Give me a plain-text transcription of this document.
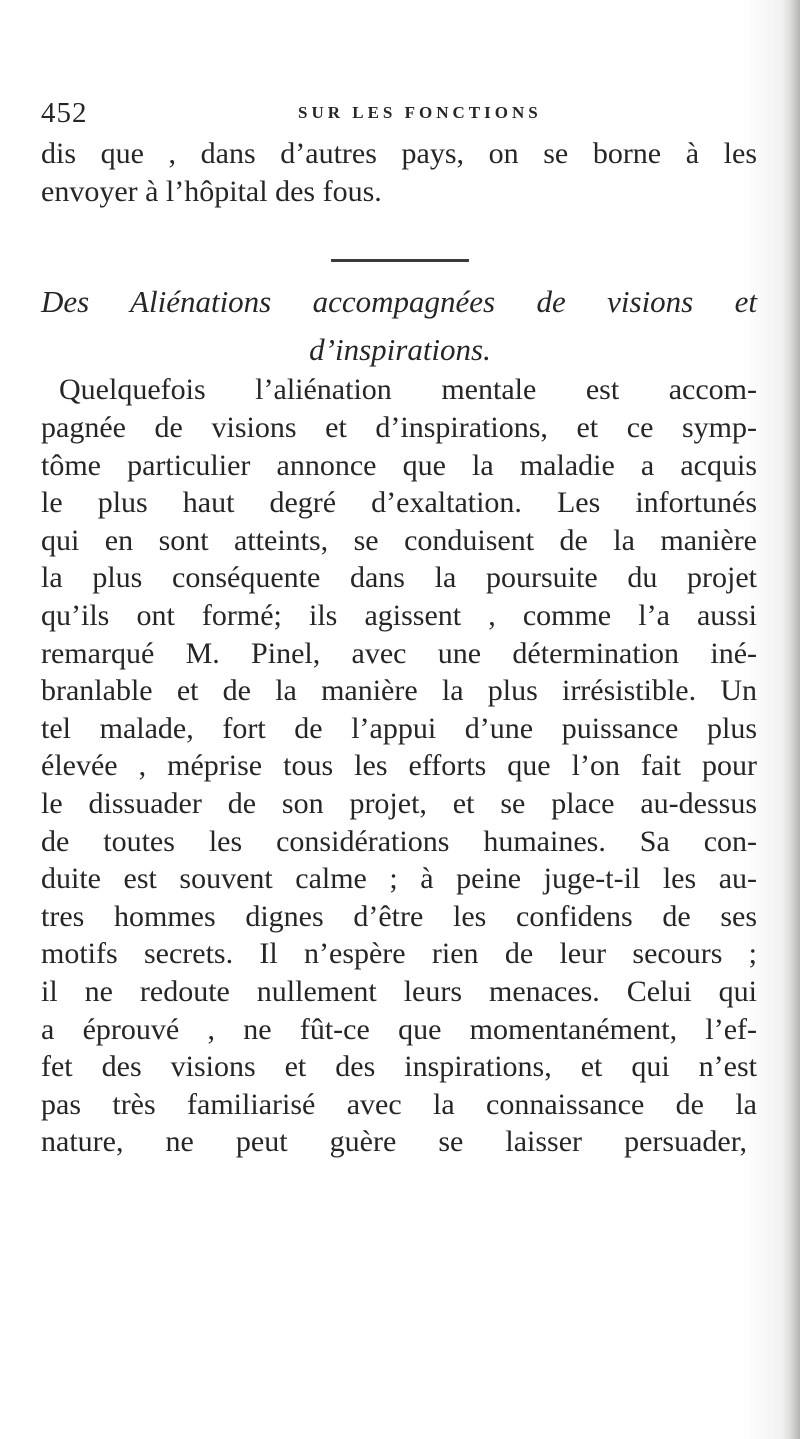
452	SUR LES FONCTIONS
dis que , dans d’autres pays, on se borne à les
envoyer à l’hôpital des fous.
Des Aliénations accompagnées de visions et
d’inspirations.
Quelquefois l’aliénation mentale est accom-
pagnée de visions et d’inspirations, et ce symp-
tôme particulier annonce que la maladie a acquis
le plus haut degré d’exaltation. Les infortunés
qui en sont atteints, se conduisent de la manière
la plus conséquente dans la poursuite du projet
qu’ils ont formé; ils agissent , comme l’a aussi
remarqué M. Pinel, avec une détermination iné-
branlable et de la manière la plus irrésistible. Un
tel malade, fort de l’appui d’une puissance plus
élevée , méprise tous les efforts que l’on fait pour
le dissuader de son projet, et se place au-dessus
de toutes les considérations humaines. Sa con-
duite est souvent calme ; à peine juge-t-il les au-
tres hommes dignes d’être les confidens de ses
motifs secrets. Il n’espère rien de leur secours ;
il ne redoute nullement leurs menaces. Celui qui
a éprouvé , ne fût-ce que momentanément, l’ef-
fet des visions et des inspirations, et qui n’est
pas très familiarisé avec la connaissance de la
nature, ne peut guère se laisser persuader,
